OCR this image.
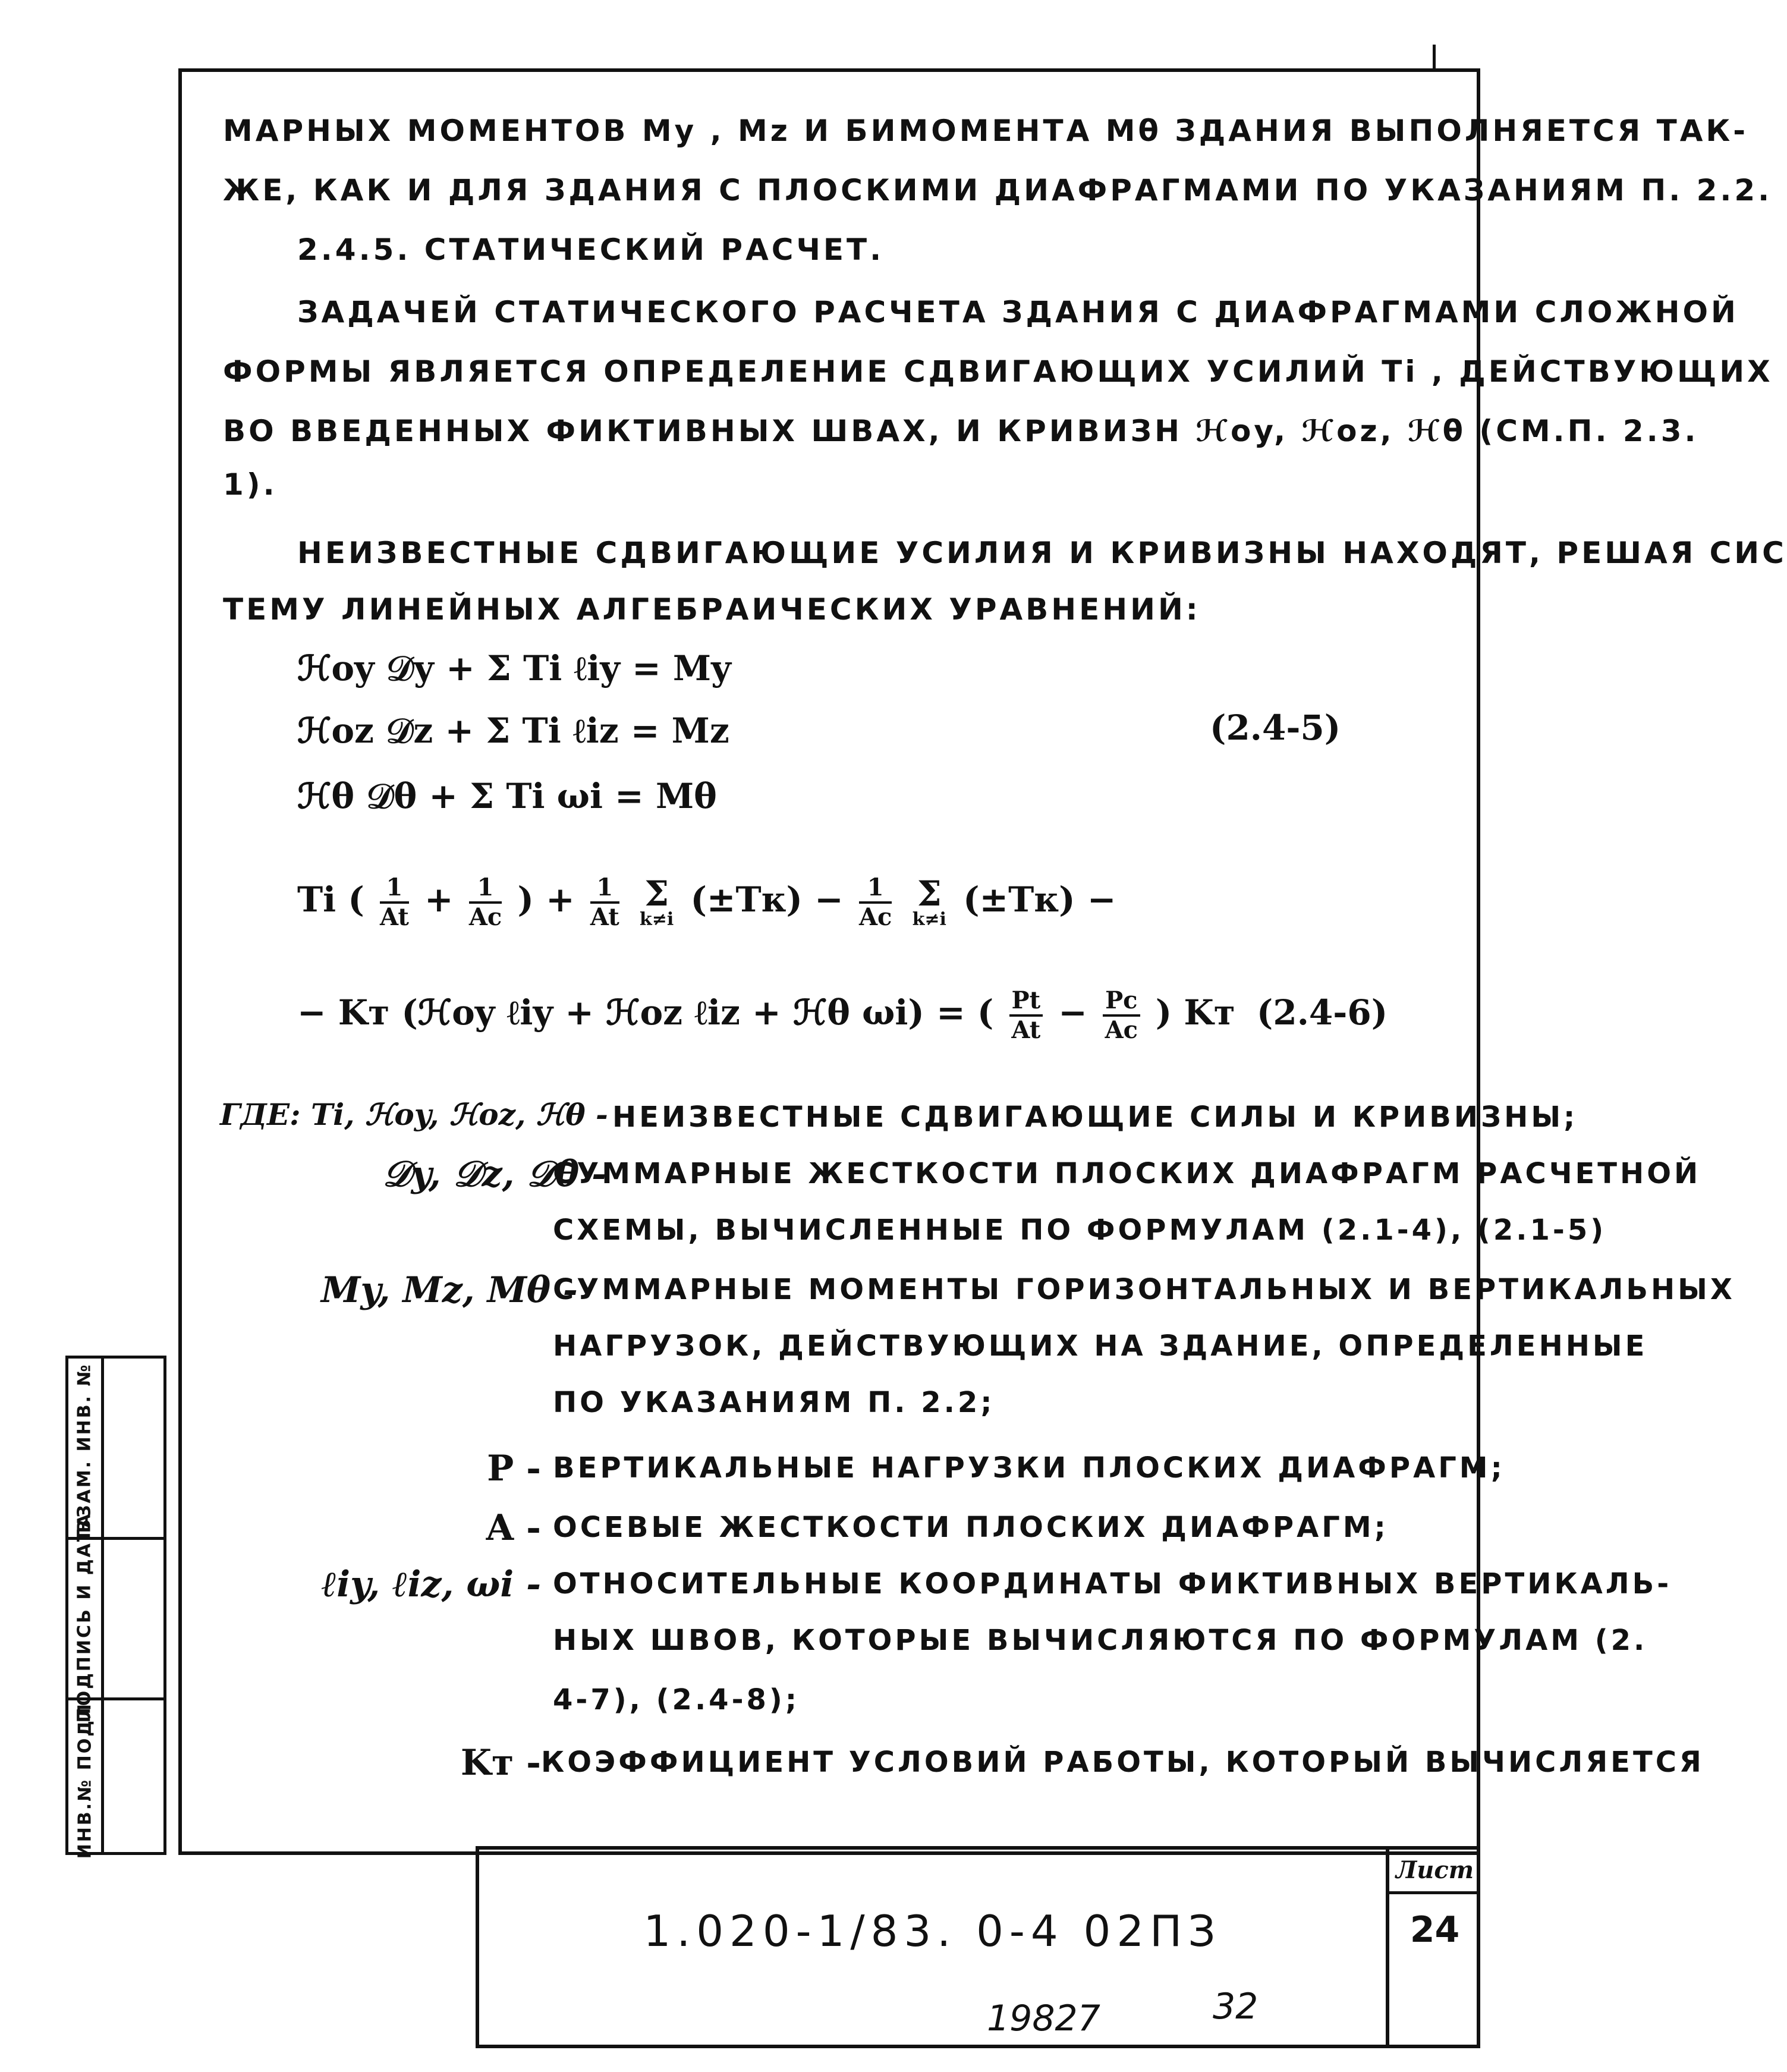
МАРНЫХ МОМЕНТОВ My , Mz И БИМОМЕНТА Mθ ЗДАНИЯ ВЫПОЛНЯЕТСЯ ТАК-
ЖЕ, КАК И ДЛЯ ЗДАНИЯ С ПЛОСКИМИ ДИАФРАГМАМИ ПО УКАЗАНИЯМ П. 2.2.
2.4.5. СТАТИЧЕСКИЙ РАСЧЕТ.
ЗАДАЧЕЙ СТАТИЧЕСКОГО РАСЧЕТА ЗДАНИЯ С ДИАФРАГМАМИ СЛОЖНОЙ
ФОРМЫ ЯВЛЯЕТСЯ ОПРЕДЕЛЕНИЕ СДВИГАЮЩИХ УСИЛИЙ Ti , ДЕЙСТВУЮЩИХ
ВО ВВЕДЕННЫХ ФИКТИВНЫХ ШВАХ, И КРИВИЗН ℋoy, ℋoz, ℋθ (СМ.П. 2.3.
1).
НЕИЗВЕСТНЫЕ СДВИГАЮЩИЕ УСИЛИЯ И КРИВИЗНЫ НАХОДЯТ, РЕШАЯ СИС
ТЕМУ ЛИНЕЙНЫХ АЛГЕБРАИЧЕСКИХ УРАВНЕНИЙ:
ℋoy 𝒟y + Σ Ti ℓiy = My
ℋoz 𝒟z + Σ Ti ℓiz = Mz
ℋθ 𝒟θ + Σ Ti ωi = Mθ
(2.4-5)
Ti ( $\frac{1}{At} + \frac{1}{Ac}$ ) + $\frac{1}{At}$
Σ
k≠i $(\pm Tк) - \frac{1}{Ac}$
Σ
k≠i (±Tк) −
− Kт (ℋoy ℓiy + ℋoz ℓiz + ℋθ ωi) = ( $\frac{Pt}{At} - \frac{Pc}{Ac}$ ) Kт (2.4-6)
ГДЕ: Ti, ℋoy, ℋoz, ℋθ - НЕИЗВЕСТНЫЕ СДВИГАЮЩИЕ СИЛЫ И КРИВИЗНЫ;
𝒟y, 𝒟z, 𝒟θ -
СУММАРНЫЕ ЖЕСТКОСТИ ПЛОСКИХ ДИАФРАГМ РАСЧЕТНОЙ
СХЕМЫ, ВЫЧИСЛЕННЫЕ ПО ФОРМУЛАМ (2.1-4), (2.1-5)
My, Mz, Mθ -
СУММАРНЫЕ МОМЕНТЫ ГОРИЗОНТАЛЬНЫХ И ВЕРТИКАЛЬНЫХ
НАГРУЗОК, ДЕЙСТВУЮЩИХ НА ЗДАНИЕ, ОПРЕДЕЛЕННЫЕ
ПО УКАЗАНИЯМ П. 2.2;
P - ВЕРТИКАЛЬНЫЕ НАГРУЗКИ ПЛОСКИХ ДИАФРАГМ;
A - ОСЕВЫЕ ЖЕСТКОСТИ ПЛОСКИХ ДИАФРАГМ;
ℓiy, ℓiz, ωi - ОТНОСИТЕЛЬНЫЕ КООРДИНАТЫ ФИКТИВНЫХ ВЕРТИКАЛЬ-
НЫХ ШВОВ, КОТОРЫЕ ВЫЧИСЛЯЮТСЯ ПО ФОРМУЛАМ (2.
4-7), (2.4-8);
Kт - КОЭФФИЦИЕНТ УСЛОВИЙ РАБОТЫ, КОТОРЫЙ ВЫЧИСЛЯЕТСЯ
ИНВ.№ ПОДЛ.
ПОДПИСЬ И ДАТА
ВЗАМ. ИНВ. №
1.020-1/83. 0-4 02ПЗ
Лист
24
19827	32
